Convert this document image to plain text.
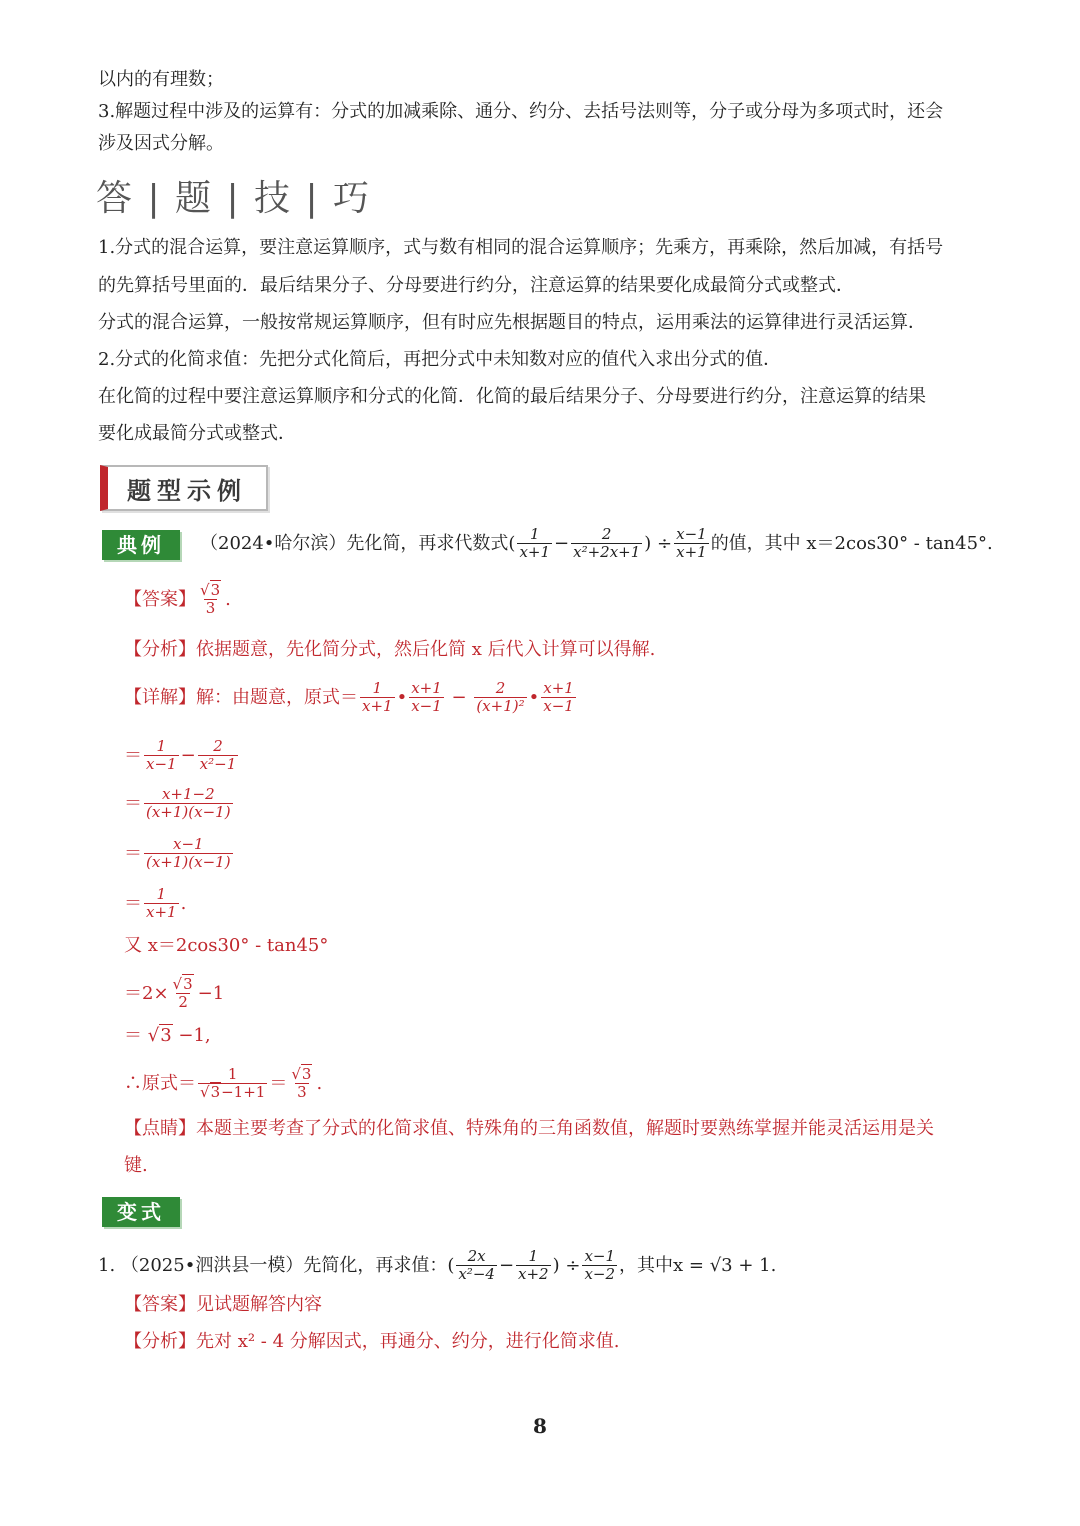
以内的有理数；
3.解题过程中涉及的运算有：分式的加减乘除、通分、约分、去括号法则等，分子或分母为多项式时，还会
涉及因式分解。
答 | 题 | 技 | 巧
1.分式的混合运算，要注意运算顺序，式与数有相同的混合运算顺序；先乘方，再乘除，然后加减，有括号
的先算括号里面的．最后结果分子、分母要进行约分，注意运算的结果要化成最简分式或整式．
分式的混合运算，一般按常规运算顺序，但有时应先根据题目的特点，运用乘法的运算律进行灵活运算．
2.分式的化简求值：先把分式化简后，再把分式中未知数对应的值代入求出分式的值．
在化简的过程中要注意运算顺序和分式的化简．化简的最后结果分子、分母要进行约分，注意运算的结果
要化成最简分式或整式．
题型示例
典例	（2024•哈尔滨）先化简，再求代数式( $\frac{1}{x+1} - \frac{2}{\text{x²+2x+1}}$ ) ÷ $\frac{x-1}{x+1}$ 的值，其中 x＝2cos30° - tan45°.
【答案】 $\frac{√3}{3}$ .
【分析】依据题意，先化简分式，然后化简 x 后代入计算可以得解.
【详解】 解：由题意，原式＝ $\frac{1}{x+1}$ • $\frac{x+1}{x-1} - \frac{2}{\text{(x+1)²}}$ • $\frac{x+1}{x-1}$
＝ $\frac{1}{x-1} - \frac{2}{\text{x²−1}}$
＝ $\frac{x+1-2}{(x+1)(x-1)}$
＝ $\frac{x-1}{(x+1)(x-1)}$
＝ $\frac{1}{x+1}$ .
又 x＝2cos30° - tan45°
$=2\times \frac{√3}{2} -1$
＝ √3 −1,
∴原式＝ $\frac{1}{√3-1+1} = \frac{√3}{3}$ .
【点睛】本题主要考查了分式的化简求值、特殊角的三角函数值，解题时要熟练掌握并能灵活运用是关
键.
变式
1. （2025•泗洪县一模）先简化，再求值：( $\frac{2x}{\text{x²−4}} - \frac{1}{x+2}$ ) ÷ $\frac{x-1}{x-2}$ ，其中x = √3 + 1.
【答案】见试题解答内容
【分析】先对 x² - 4 分解因式，再通分、约分，进行化简求值.
8
